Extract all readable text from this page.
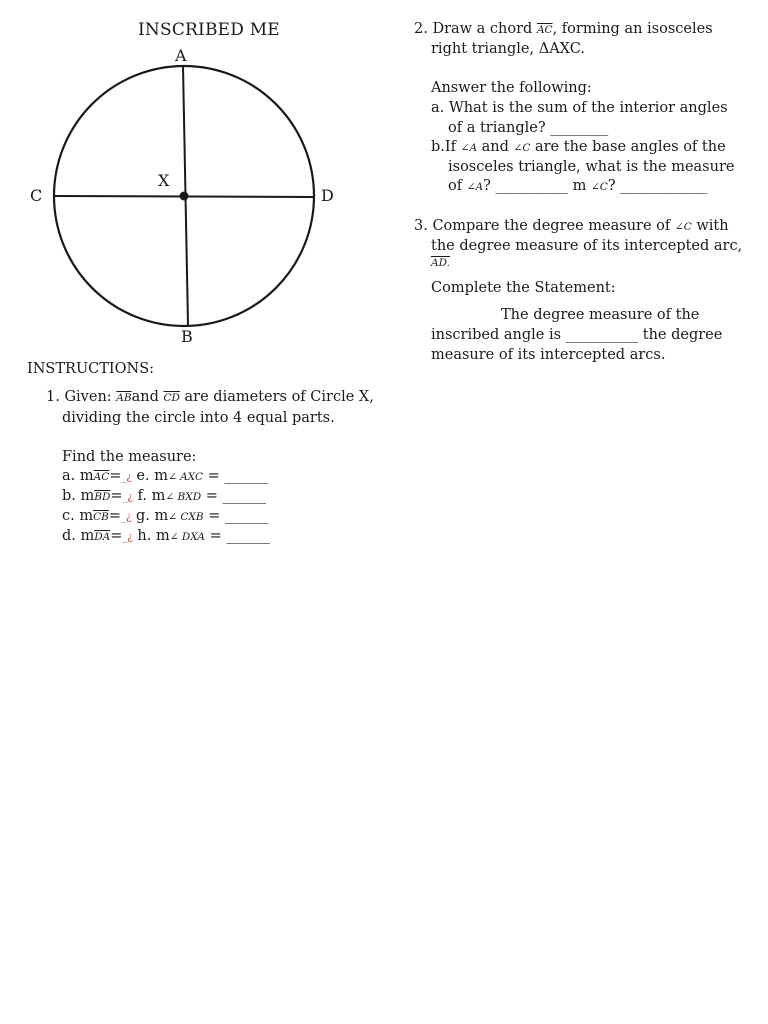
INSCRIBED ME
A
B
C	D
X
INSTRUCTIONS:
1. Given: $\overline{AB}and$ $\overline{CD}$ are diameters of Circle X,
dividing the circle into 4 equal parts.
Find the measure:
a. $m\overline{AC}=\_¿$ e. m∠ AXC = ______
b. $m\overline{BD}=\_¿$ f. m∠ BXD = ______
c. $m\overline{CB}=\_¿$ g. m∠ CXB = ______
d. $m\overline{DA}=\_¿$ h. m∠ DXA = ______
2. Draw a chord $\overline{AC}$, forming an isosceles
right triangle, ΔAXC.
Answer the following:
a. What is the sum of the interior angles
of a triangle? ________
b.If ∠A and ∠C are the base angles of the
isosceles triangle, what is the measure
of ∠A? __________ m ∠C? ____________
3. Compare the degree measure of ∠C with
the degree measure of its intercepted arc,
AD.
Complete the Statement:
The degree measure of the
inscribed angle is __________ the degree
measure of its intercepted arcs.
